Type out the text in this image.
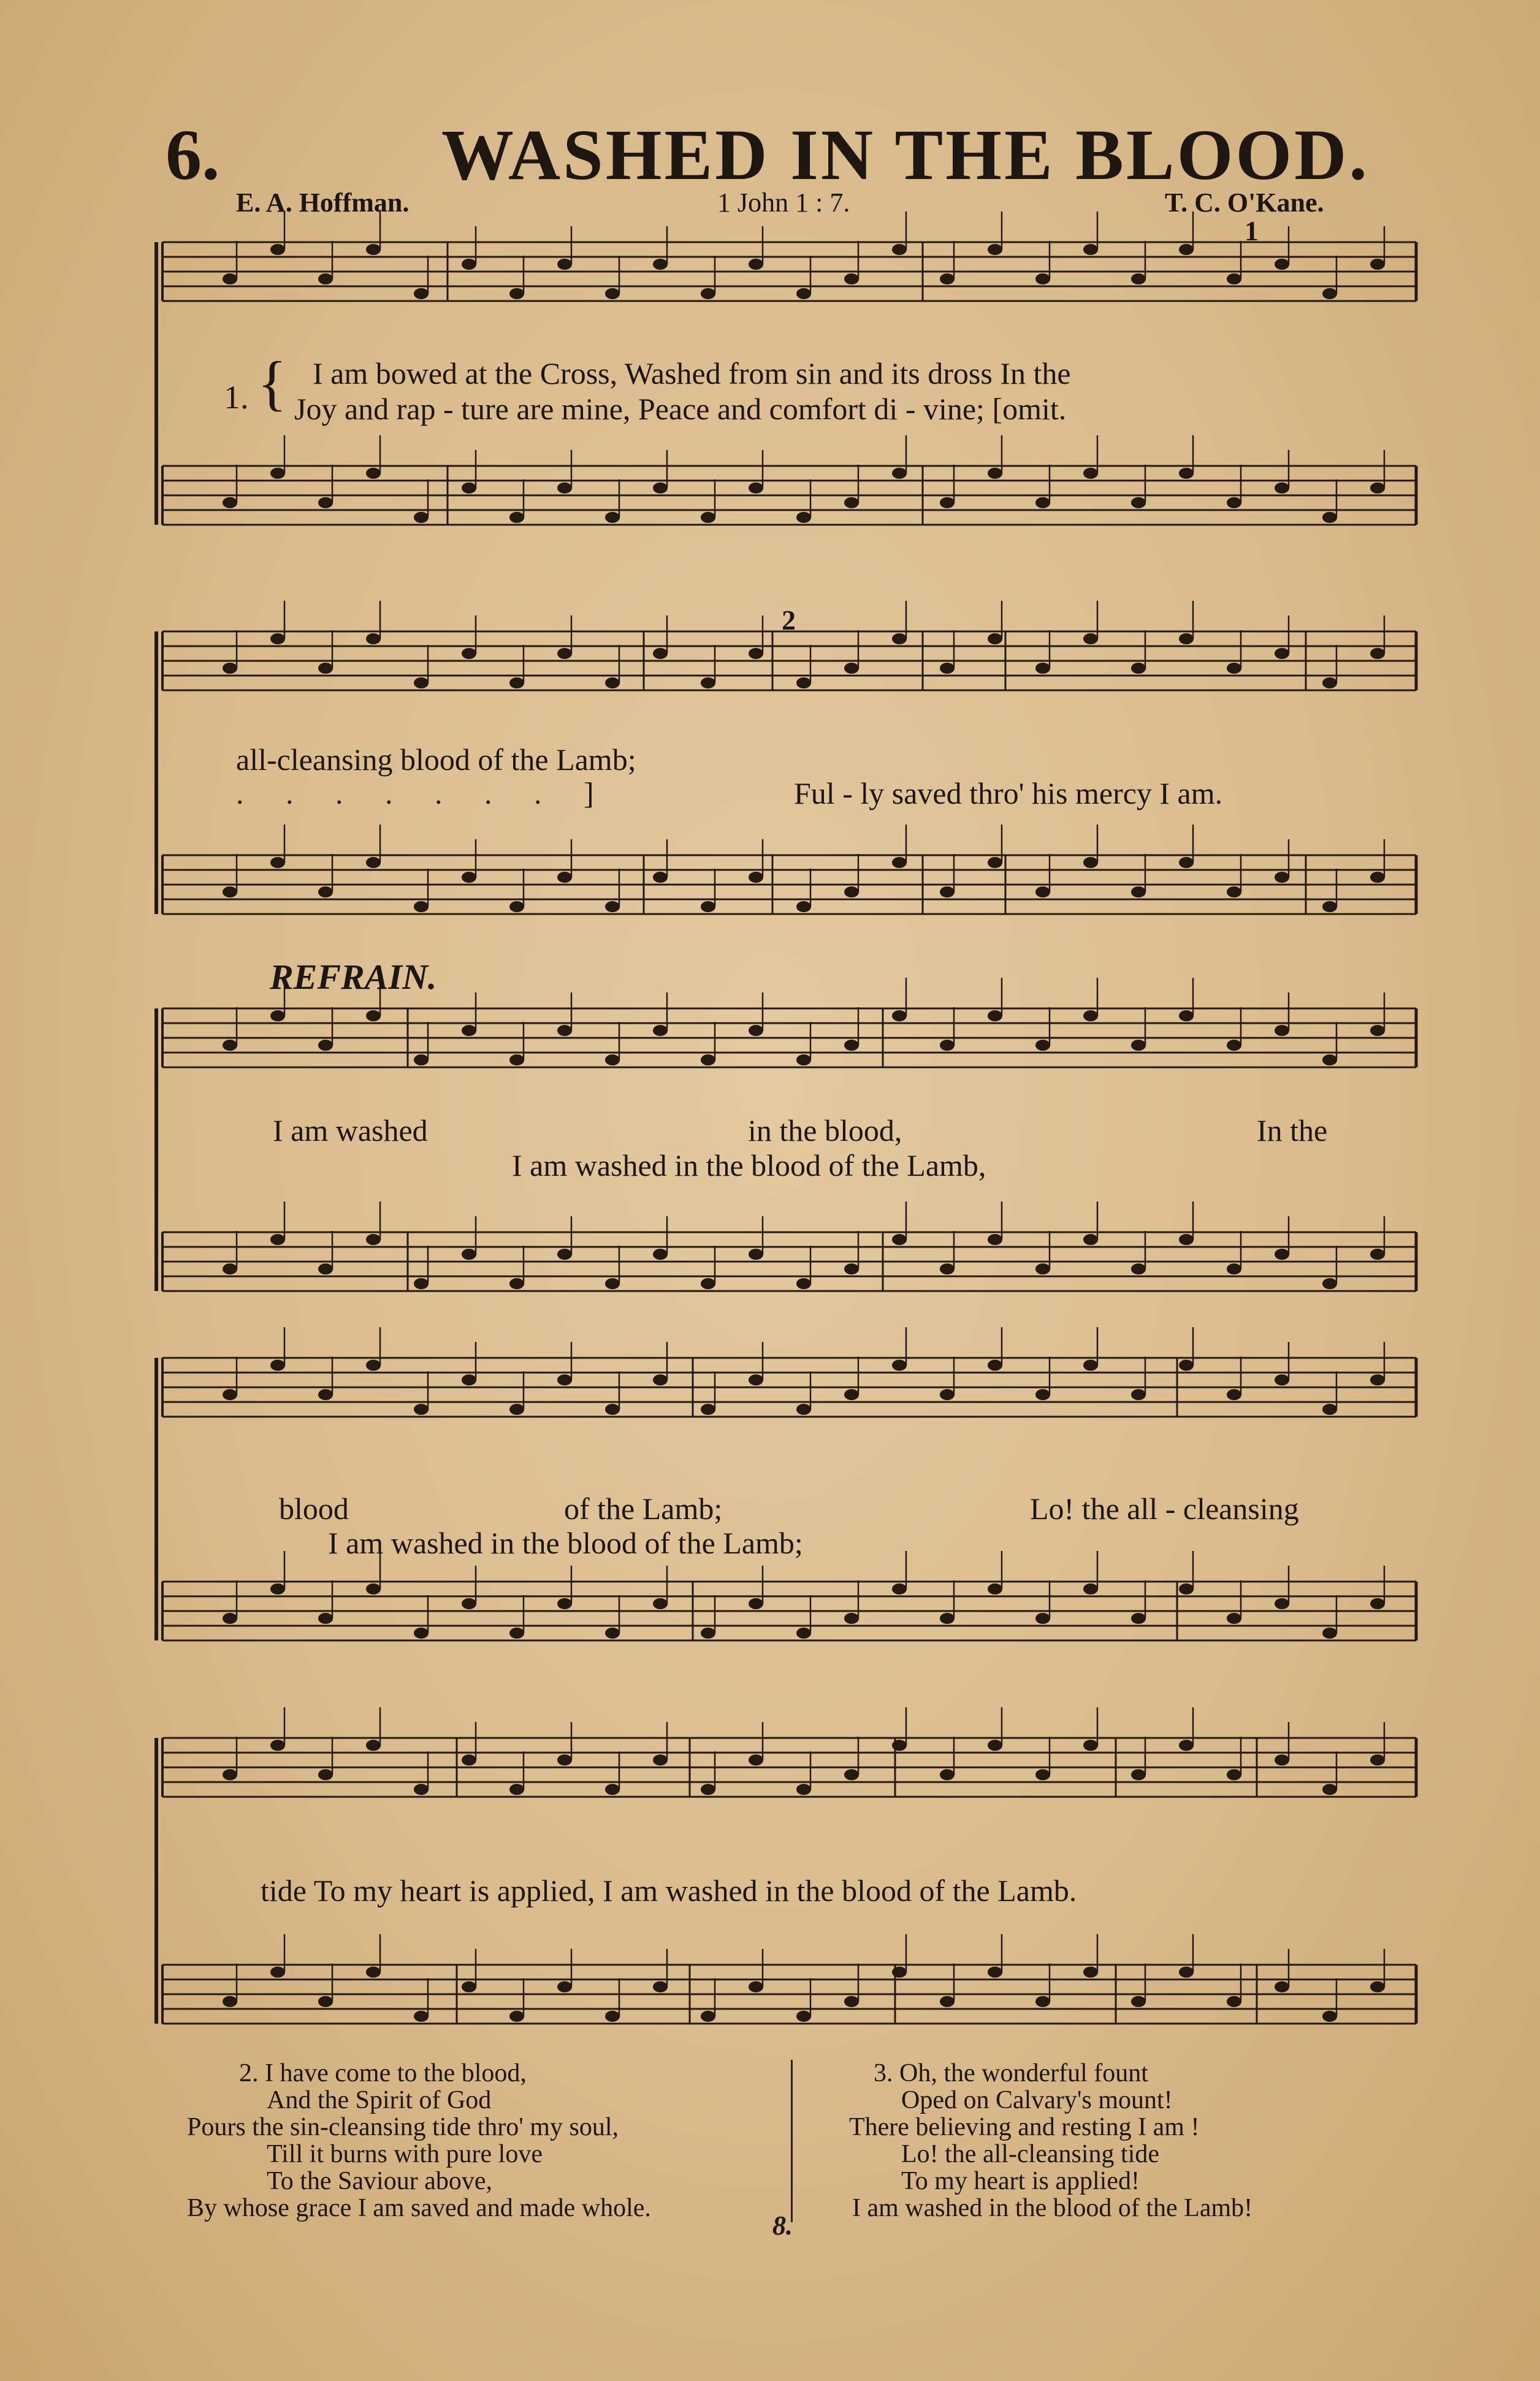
6.	WASHED IN THE BLOOD.
E. A. Hoffman.	1 John 1 : 7.	T. C. O'Kane.
1. { I am bowed at the Cross, Washed from sin and its dross In the
Joy and rap - ture are mine, Peace and comfort di - vine; [omit.
all-cleansing blood of the Lamb;
. . . . . . . ]	Ful - ly saved thro' his mercy I am.
2
1
REFRAIN.
I am washed	in the blood,	In the
I am washed in the blood of the Lamb,
blood	of the Lamb;	Lo! the all - cleansing
I am washed in the blood of the Lamb;
tide To my heart is applied, I am washed in the blood of the Lamb.
2. I have come to the blood,
And the Spirit of God
Pours the sin-cleansing tide thro' my soul,
Till it burns with pure love
To the Saviour above,
By whose grace I am saved and made whole.
3. Oh, the wonderful fount
Oped on Calvary's mount!
There believing and resting I am !
Lo! the all-cleansing tide
To my heart is applied!
I am washed in the blood of the Lamb!
8.
